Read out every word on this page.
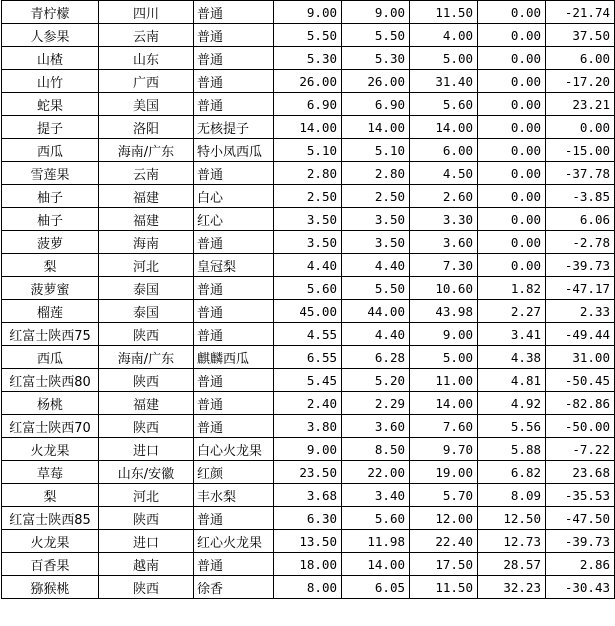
青柠檬	四川	普通	9.00	9.00	11.50	0.00	-21.74
人参果	云南	普通	5.50	5.50	4.00	0.00	37.50
山楂	山东	普通	5.30	5.30	5.00	0.00	6.00
山竹	广西	普通	26.00	26.00	31.40	0.00	-17.20
蛇果	美国	普通	6.90	6.90	5.60	0.00	23.21
提子	洛阳	无核提子	14.00	14.00	14.00	0.00	0.00
西瓜	海南/广东	特小凤西瓜	5.10	5.10	6.00	0.00	-15.00
雪莲果	云南	普通	2.80	2.80	4.50	0.00	-37.78
柚子	福建	白心	2.50	2.50	2.60	0.00	-3.85
柚子	福建	红心	3.50	3.50	3.30	0.00	6.06
菠萝	海南	普通	3.50	3.50	3.60	0.00	-2.78
梨	河北	皇冠梨	4.40	4.40	7.30	0.00	-39.73
菠萝蜜	泰国	普通	5.60	5.50	10.60	1.82	-47.17
榴莲	泰国	普通	45.00	44.00	43.98	2.27	2.33
红富士陕西75	陕西	普通	4.55	4.40	9.00	3.41	-49.44
西瓜	海南/广东	麒麟西瓜	6.55	6.28	5.00	4.38	31.00
红富士陕西80	陕西	普通	5.45	5.20	11.00	4.81	-50.45
杨桃	福建	普通	2.40	2.29	14.00	4.92	-82.86
红富士陕西70	陕西	普通	3.80	3.60	7.60	5.56	-50.00
火龙果	进口	白心火龙果	9.00	8.50	9.70	5.88	-7.22
草莓	山东/安徽	红颜	23.50	22.00	19.00	6.82	23.68
梨	河北	丰水梨	3.68	3.40	5.70	8.09	-35.53
红富士陕西85	陕西	普通	6.30	5.60	12.00	12.50	-47.50
火龙果	进口	红心火龙果	13.50	11.98	22.40	12.73	-39.73
百香果	越南	普通	18.00	14.00	17.50	28.57	2.86
猕猴桃	陕西	徐香	8.00	6.05	11.50	32.23	-30.43
